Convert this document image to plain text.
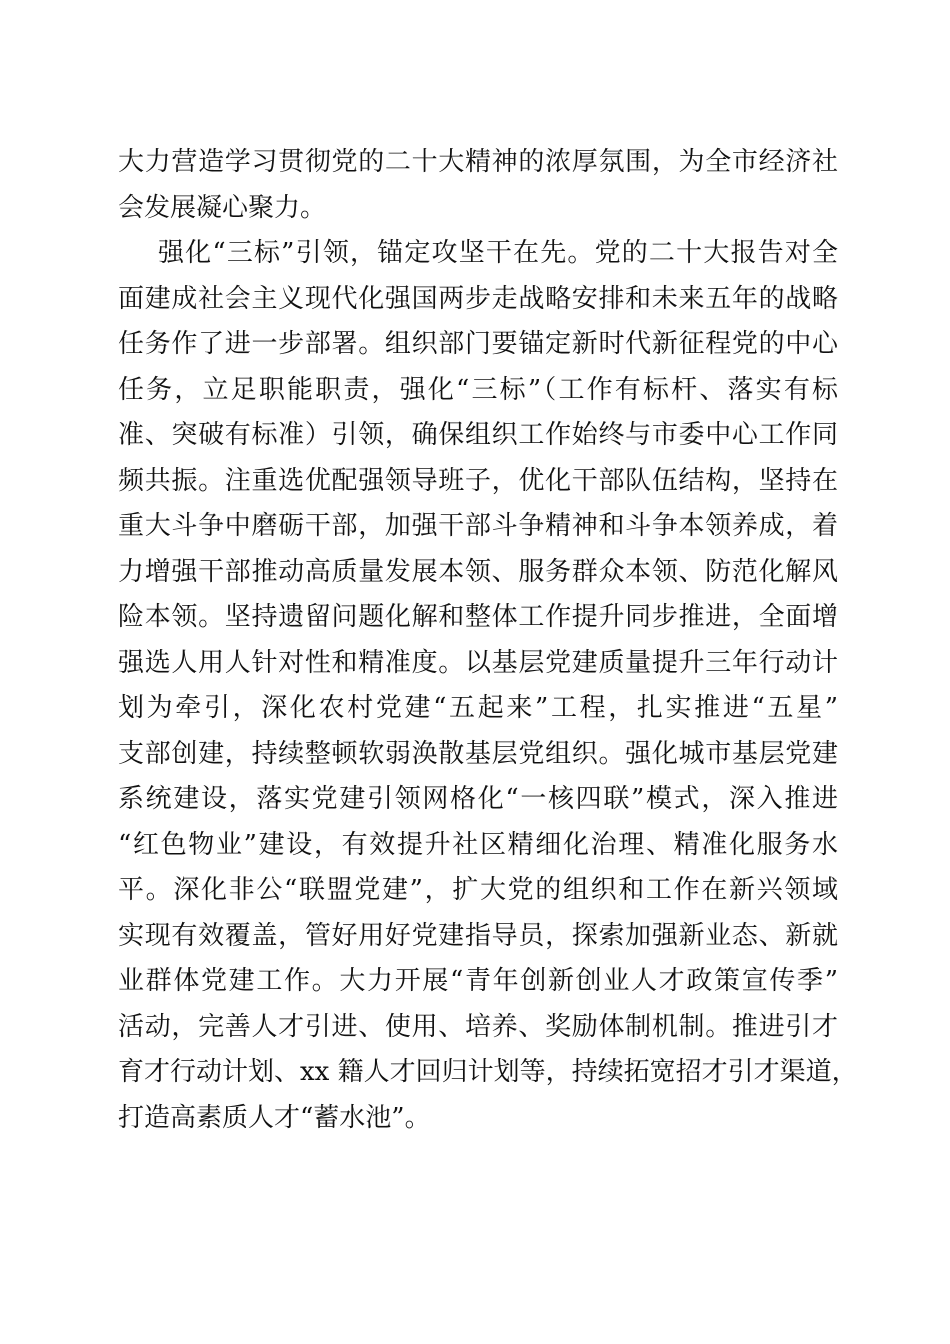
大力营造学习贯彻党的二十大精神的浓厚氛围，为全市经济社
会发展凝心聚力。
强化“三标”引领，锚定攻坚干在先。党的二十大报告对全
面建成社会主义现代化强国两步走战略安排和未来五年的战略
任务作了进一步部署。组织部门要锚定新时代新征程党的中心
任务，立足职能职责，强化“三标”（工作有标杆、落实有标
准、突破有标准）引领，确保组织工作始终与市委中心工作同
频共振。注重选优配强领导班子，优化干部队伍结构，坚持在
重大斗争中磨砺干部，加强干部斗争精神和斗争本领养成，着
力增强干部推动高质量发展本领、服务群众本领、防范化解风
险本领。坚持遗留问题化解和整体工作提升同步推进，全面增
强选人用人针对性和精准度。以基层党建质量提升三年行动计
划为牵引，深化农村党建“五起来”工程，扎实推进“五星”
支部创建，持续整顿软弱涣散基层党组织。强化城市基层党建
系统建设，落实党建引领网格化“一核四联”模式，深入推进
“红色物业”建设，有效提升社区精细化治理、精准化服务水
平。深化非公“联盟党建”，扩大党的组织和工作在新兴领域
实现有效覆盖，管好用好党建指导员，探索加强新业态、新就
业群体党建工作。大力开展“青年创新创业人才政策宣传季”
活动，完善人才引进、使用、培养、奖励体制机制。推进引才
育才行动计划、xx 籍人才回归计划等，持续拓宽招才引才渠道，
打造高素质人才“蓄水池”。
